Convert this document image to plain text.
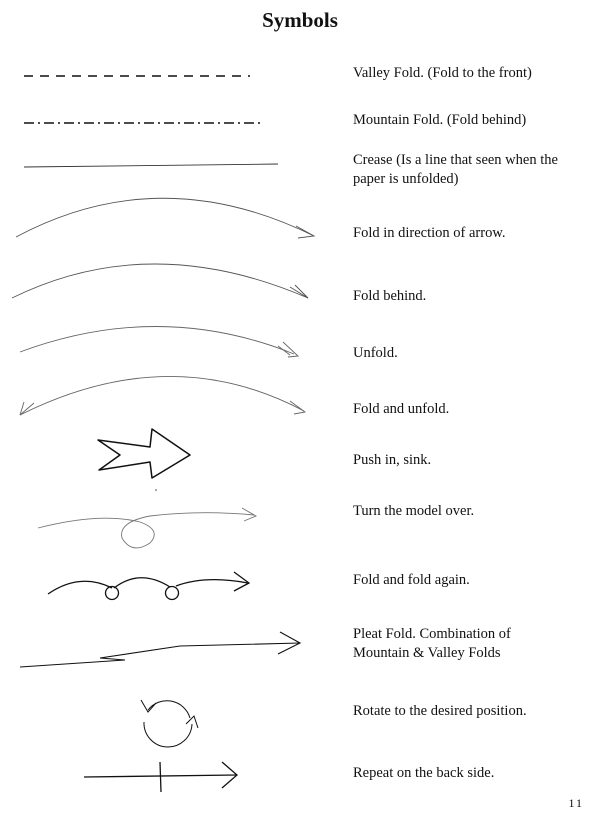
Symbols
Valley Fold. (Fold to the front)
Mountain Fold. (Fold behind)
Crease (Is a line that seen when the paper is unfolded)
Fold in direction of arrow.
Fold behind.
Unfold.
Fold and unfold.
Push in, sink.
Turn the model over.
Fold and fold again.
Pleat Fold. Combination of Mountain & Valley Folds
Rotate to the desired position.
Repeat on the back side.
11
